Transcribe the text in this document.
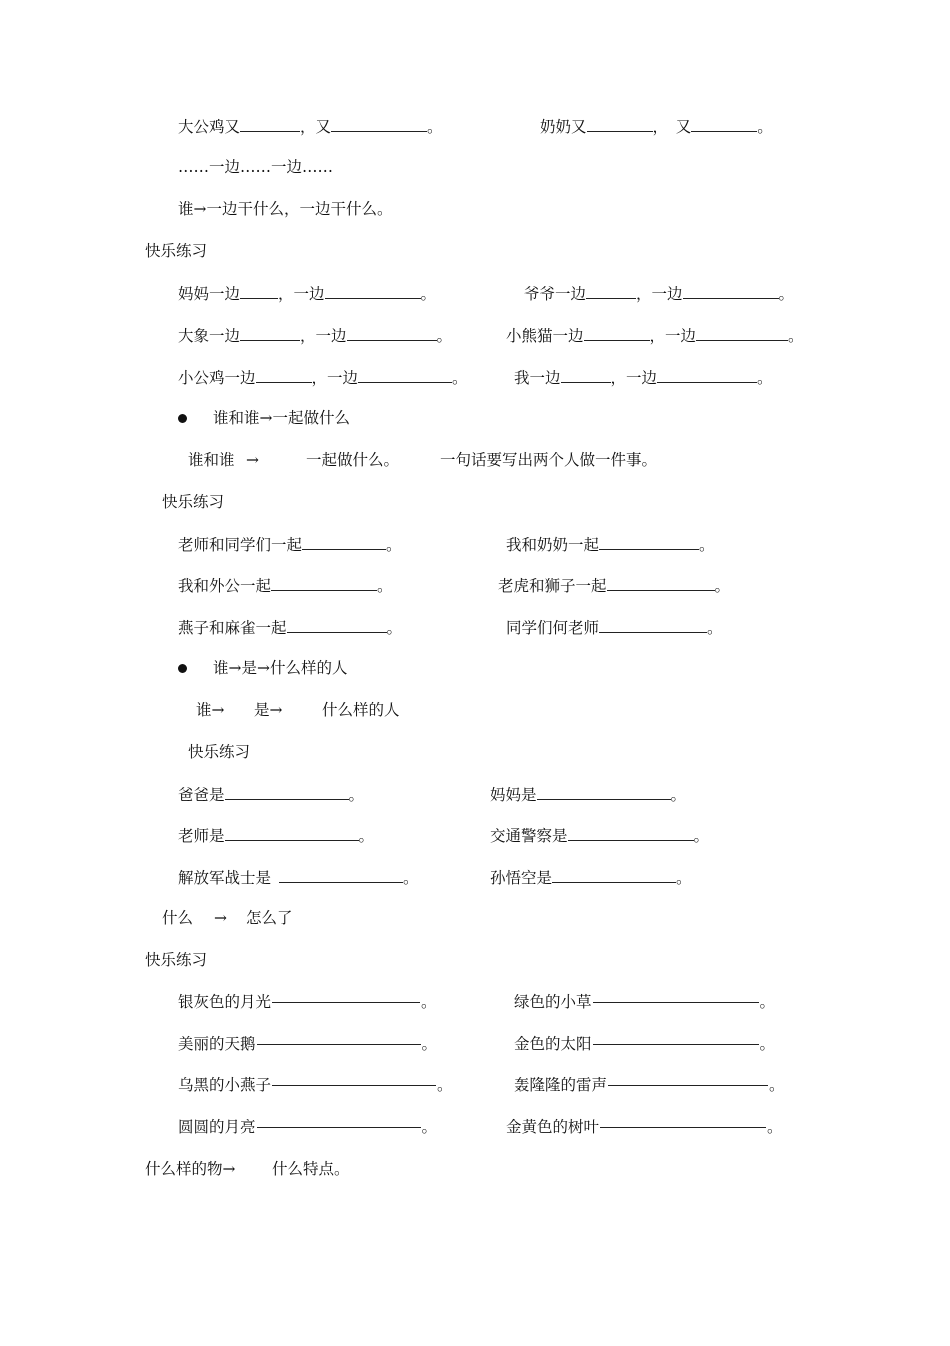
大公鸡又	，又	。	奶奶又	，　又	。
……一边……一边……
谁→一边干什么，一边干什么。
快乐练习
妈妈一边 ，一边	。	爷爷一边	，一边	。
大象一边	，一边	。	小熊猫一边	，一边	。
小公鸡一边	，一边	。	我一边	，一边	。
谁和谁→一起做什么
谁和谁 →	一起做什么。	一句话要写出两个人做一件事。
快乐练习
老师和同学们一起	。	我和奶奶一起	。
我和外公一起	。	老虎和狮子一起	。
燕子和麻雀一起	。	同学们何老师	。
谁→是→什么样的人
谁→ 是→	什么样的人
快乐练习
爸爸是	。	妈妈是	。
老师是	。	交通警察是	。
解放军战士是	。	孙悟空是	。
什么 → 怎么了
快乐练习
银灰色的月光	。	绿色的小草	。
美丽的天鹅	。	金色的太阳	。
乌黑的小燕子	。	轰隆隆的雷声	。
圆圆的月亮	。	金黄色的树叶	。
什么样的物→ 什么特点。
